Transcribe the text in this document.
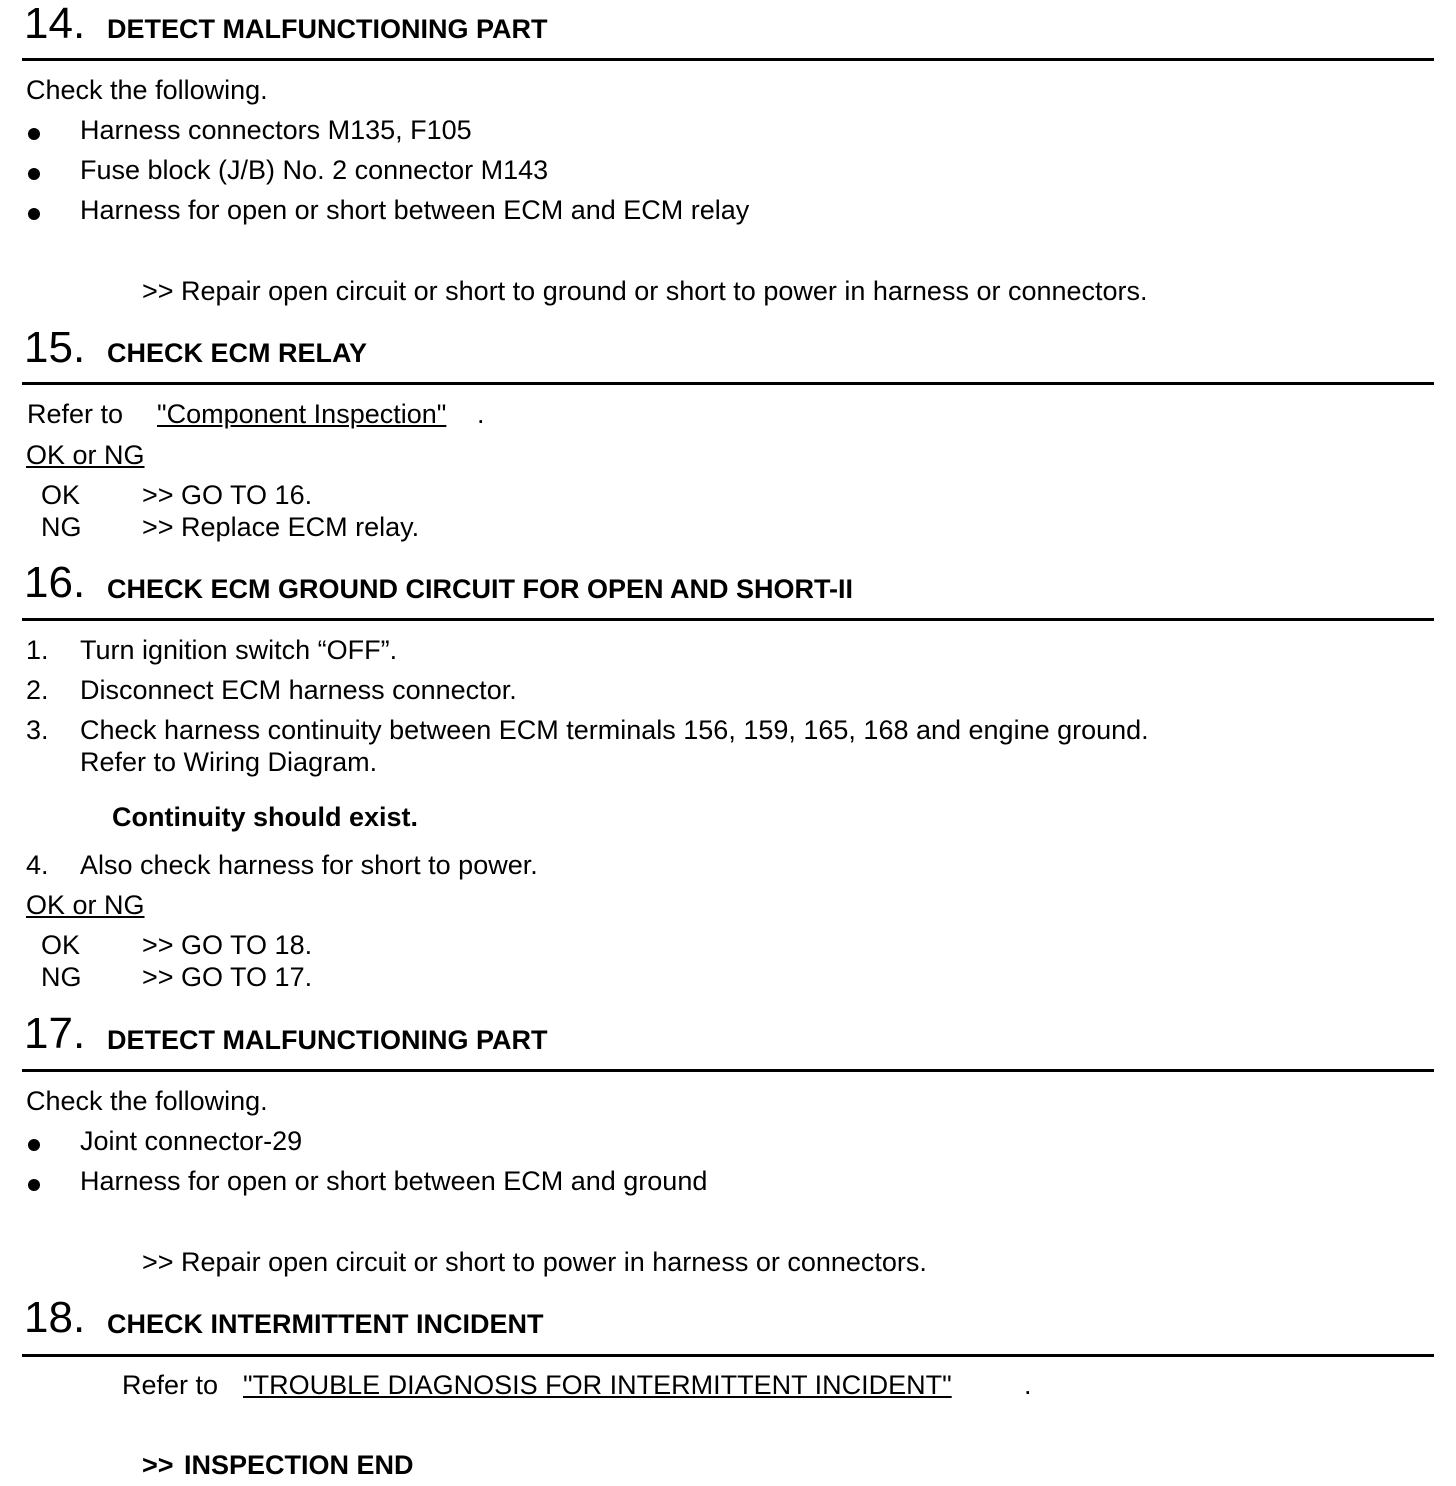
14. DETECT MALFUNCTIONING PART
Check the following.
Harness connectors M135, F105
Fuse block (J/B) No. 2 connector M143
Harness for open or short between ECM and ECM relay
>> Repair open circuit or short to ground or short to power in harness or connectors.
15. CHECK ECM RELAY
Refer to "Component Inspection" .
OK or NG
OK >> GO TO 16.
NG >> Replace ECM relay.
16. CHECK ECM GROUND CIRCUIT FOR OPEN AND SHORT-II
1. Turn ignition switch “OFF”.
2. Disconnect ECM harness connector.
3. Check harness continuity between ECM terminals 156, 159, 165, 168 and engine ground.
Refer to Wiring Diagram.
Continuity should exist.
4. Also check harness for short to power.
OK or NG
OK >> GO TO 18.
NG >> GO TO 17.
17. DETECT MALFUNCTIONING PART
Check the following.
Joint connector-29
Harness for open or short between ECM and ground
>> Repair open circuit or short to power in harness or connectors.
18. CHECK INTERMITTENT INCIDENT
Refer to "TROUBLE DIAGNOSIS FOR INTERMITTENT INCIDENT"	.
>> INSPECTION END
